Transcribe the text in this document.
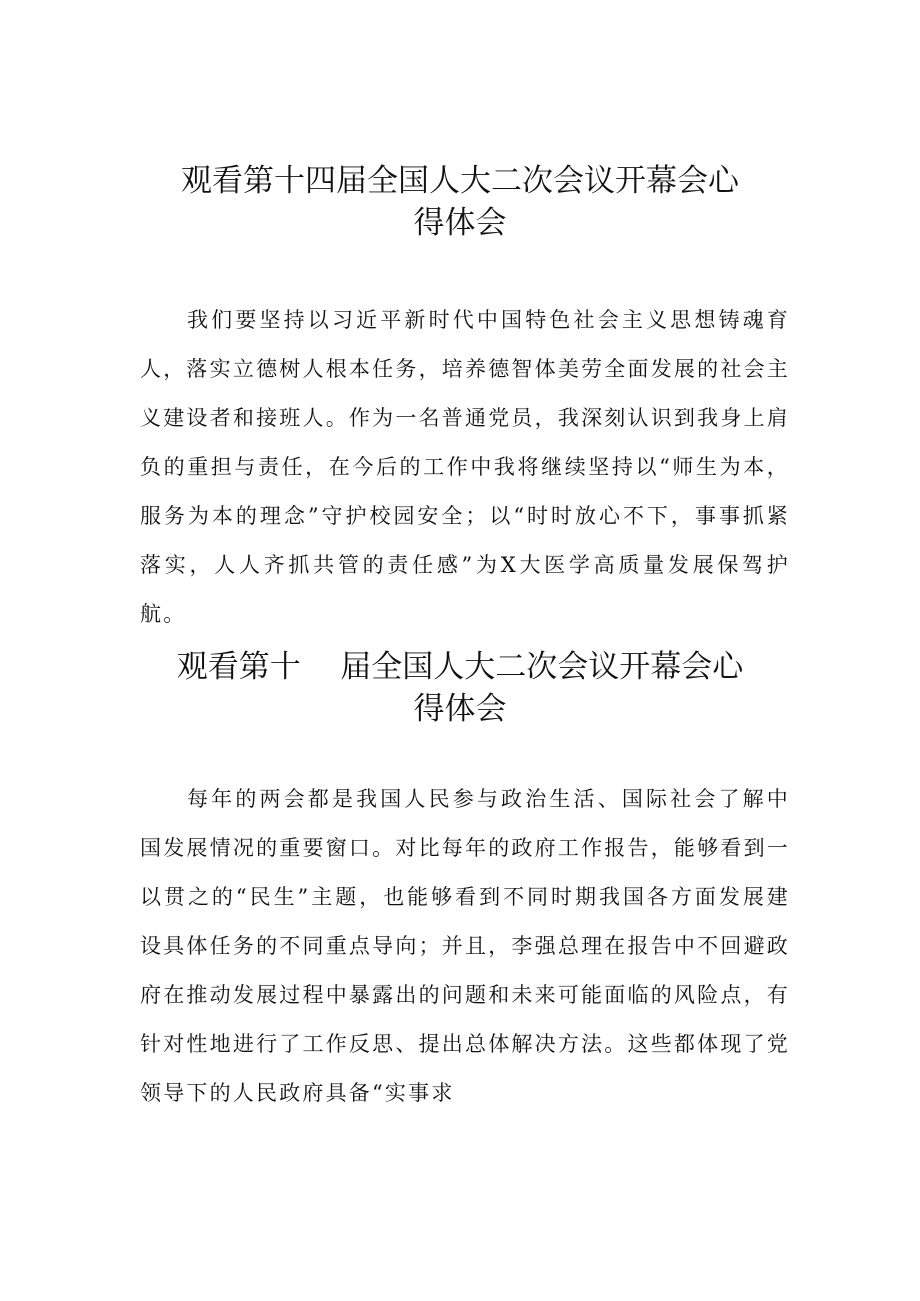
观看第十四届全国人大二次会议开幕会心
得体会

我们要坚持以习近平新时代中国特色社会主义思想铸魂育人，落实立德树人根本任务，培养德智体美劳全面发展的社会主义建设者和接班人。作为一名普通党员，我深刻认识到我身上肩负的重担与责任，在今后的工作中我将继续坚持以“师生为本，服务为本的理念”守护校园安全；以“时时放心不下，事事抓紧落实，人人齐抓共管的责任感”为X大医学高质量发展保驾护航。

观看第十    届全国人大二次会议开幕会心
得体会

每年的两会都是我国人民参与政治生活、国际社会了解中国发展情况的重要窗口。对比每年的政府工作报告，能够看到一以贯之的“民生”主题，也能够看到不同时期我国各方面发展建设具体任务的不同重点导向；并且，李强总理在报告中不回避政府在推动发展过程中暴露出的问题和未来可能面临的风险点，有针对性地进行了工作反思、提出总体解决方法。这些都体现了党领导下的人民政府具备“实事求
